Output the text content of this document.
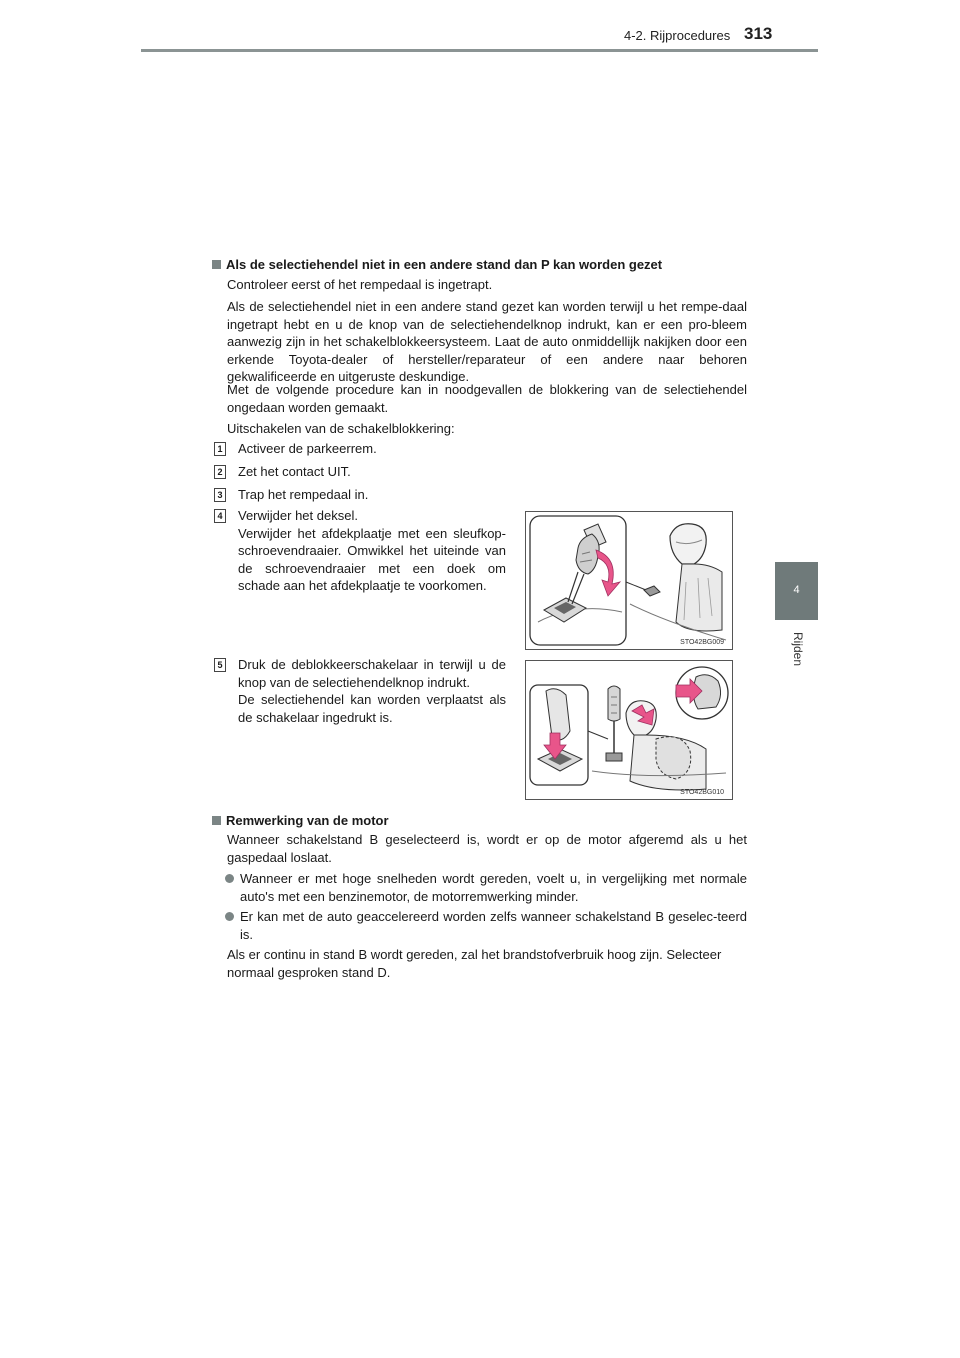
4-2. Rijprocedures 313
4
Rijden
Als de selectiehendel niet in een andere stand dan P kan worden gezet
Controleer eerst of het rempedaal is ingetrapt.
Als de selectiehendel niet in een andere stand gezet kan worden terwijl u het rempe-daal ingetrapt hebt en u de knop van de selectiehendelknop indrukt, kan er een pro-bleem aanwezig zijn in het schakelblokkeersysteem. Laat de auto onmiddellijk nakijken door een erkende Toyota-dealer of hersteller/reparateur of een andere naar behoren gekwalificeerde en uitgeruste deskundige.
Met de volgende procedure kan in noodgevallen de blokkering van de selectiehendel ongedaan worden gemaakt.
Uitschakelen van de schakelblokkering:
1 Activeer de parkeerrem.
2 Zet het contact UIT.
3 Trap het rempedaal in.
4 Verwijder het deksel.
Verwijder het afdekplaatje met een sleufkop-schroevendraaier. Omwikkel het uiteinde van de schroevendraaier met een doek om schade aan het afdekplaatje te voorkomen.
STO42BG009
5 Druk de deblokkeerschakelaar in terwijl u de knop van de selectiehendelknop indrukt.
De selectiehendel kan worden verplaatst als de schakelaar ingedrukt is.
STO42BG010
Remwerking van de motor
Wanneer schakelstand B geselecteerd is, wordt er op de motor afgeremd als u het gaspedaal loslaat.
Wanneer er met hoge snelheden wordt gereden, voelt u, in vergelijking met normale auto's met een benzinemotor, de motorremwerking minder.
Er kan met de auto geaccelereerd worden zelfs wanneer schakelstand B geselec-teerd is.
Als er continu in stand B wordt gereden, zal het brandstofverbruik hoog zijn. Selecteer normaal gesproken stand D.
